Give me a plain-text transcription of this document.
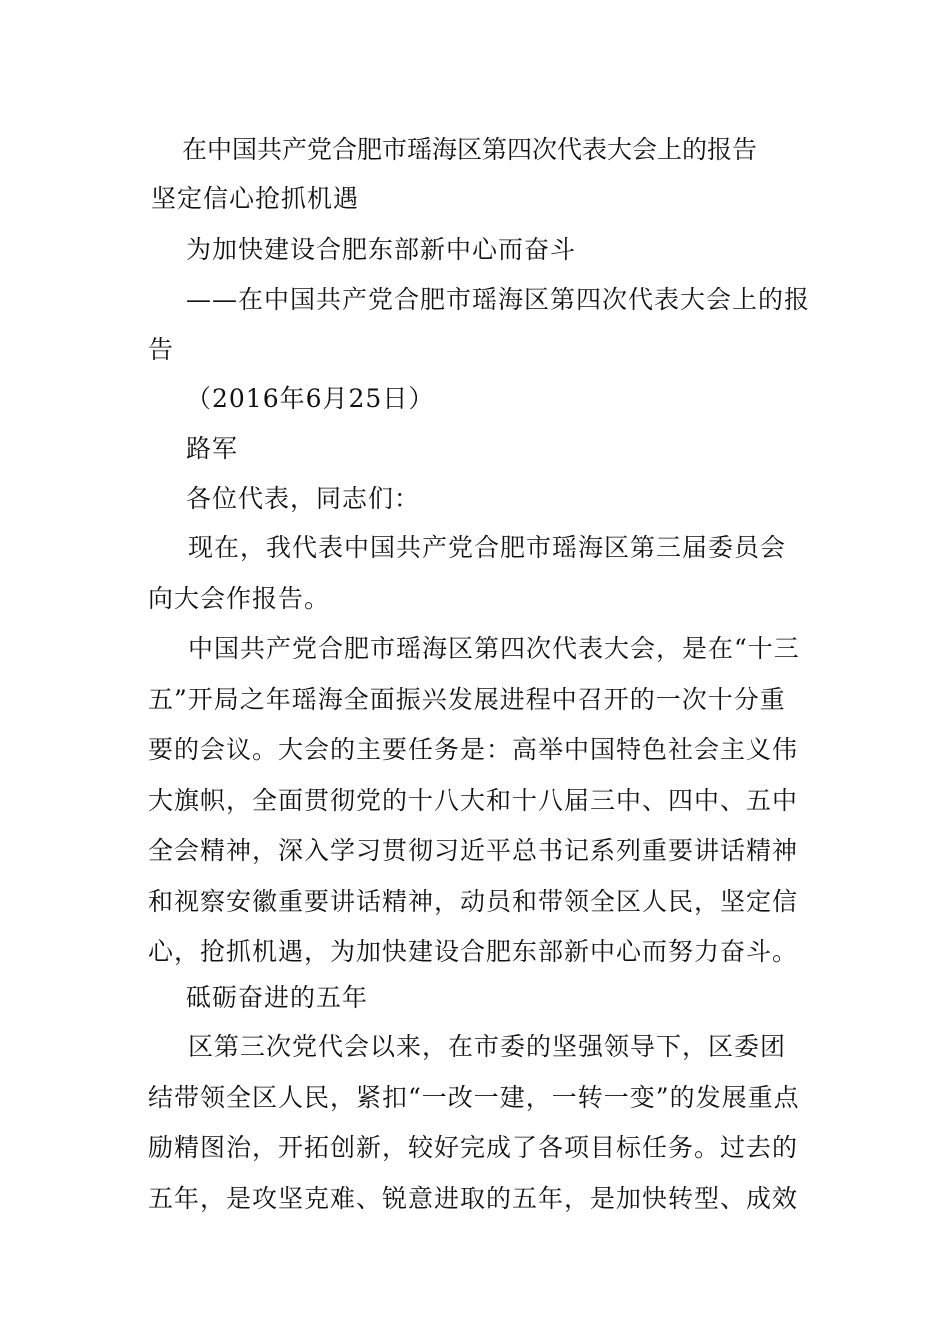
在中国共产党合肥市瑶海区第四次代表大会上的报告
坚定信心抢抓机遇
为加快建设合肥东部新中心而奋斗
——在中国共产党合肥市瑶海区第四次代表大会上的报
告
（2016年6月25日）
路军
各位代表，同志们：

现在，我代表中国共产党合肥市瑶海区第三届委员会向大会作报告。

中国共产党合肥市瑶海区第四次代表大会，是在“十三五”开局之年瑶海全面振兴发展进程中召开的一次十分重要的会议。大会的主要任务是：高举中国特色社会主义伟大旗帜，全面贯彻党的十八大和十八届三中、四中、五中全会精神，深入学习贯彻习近平总书记系列重要讲话精神和视察安徽重要讲话精神，动员和带领全区人民，坚定信心，抢抓机遇，为加快建设合肥东部新中心而努力奋斗。

砥砺奋进的五年

区第三次党代会以来，在市委的坚强领导下，区委团结带领全区人民，紧扣“一改一建，一转一变”的发展重点励精图治，开拓创新，较好完成了各项目标任务。过去的五年，是攻坚克难、锐意进取的五年，是加快转型、成效
